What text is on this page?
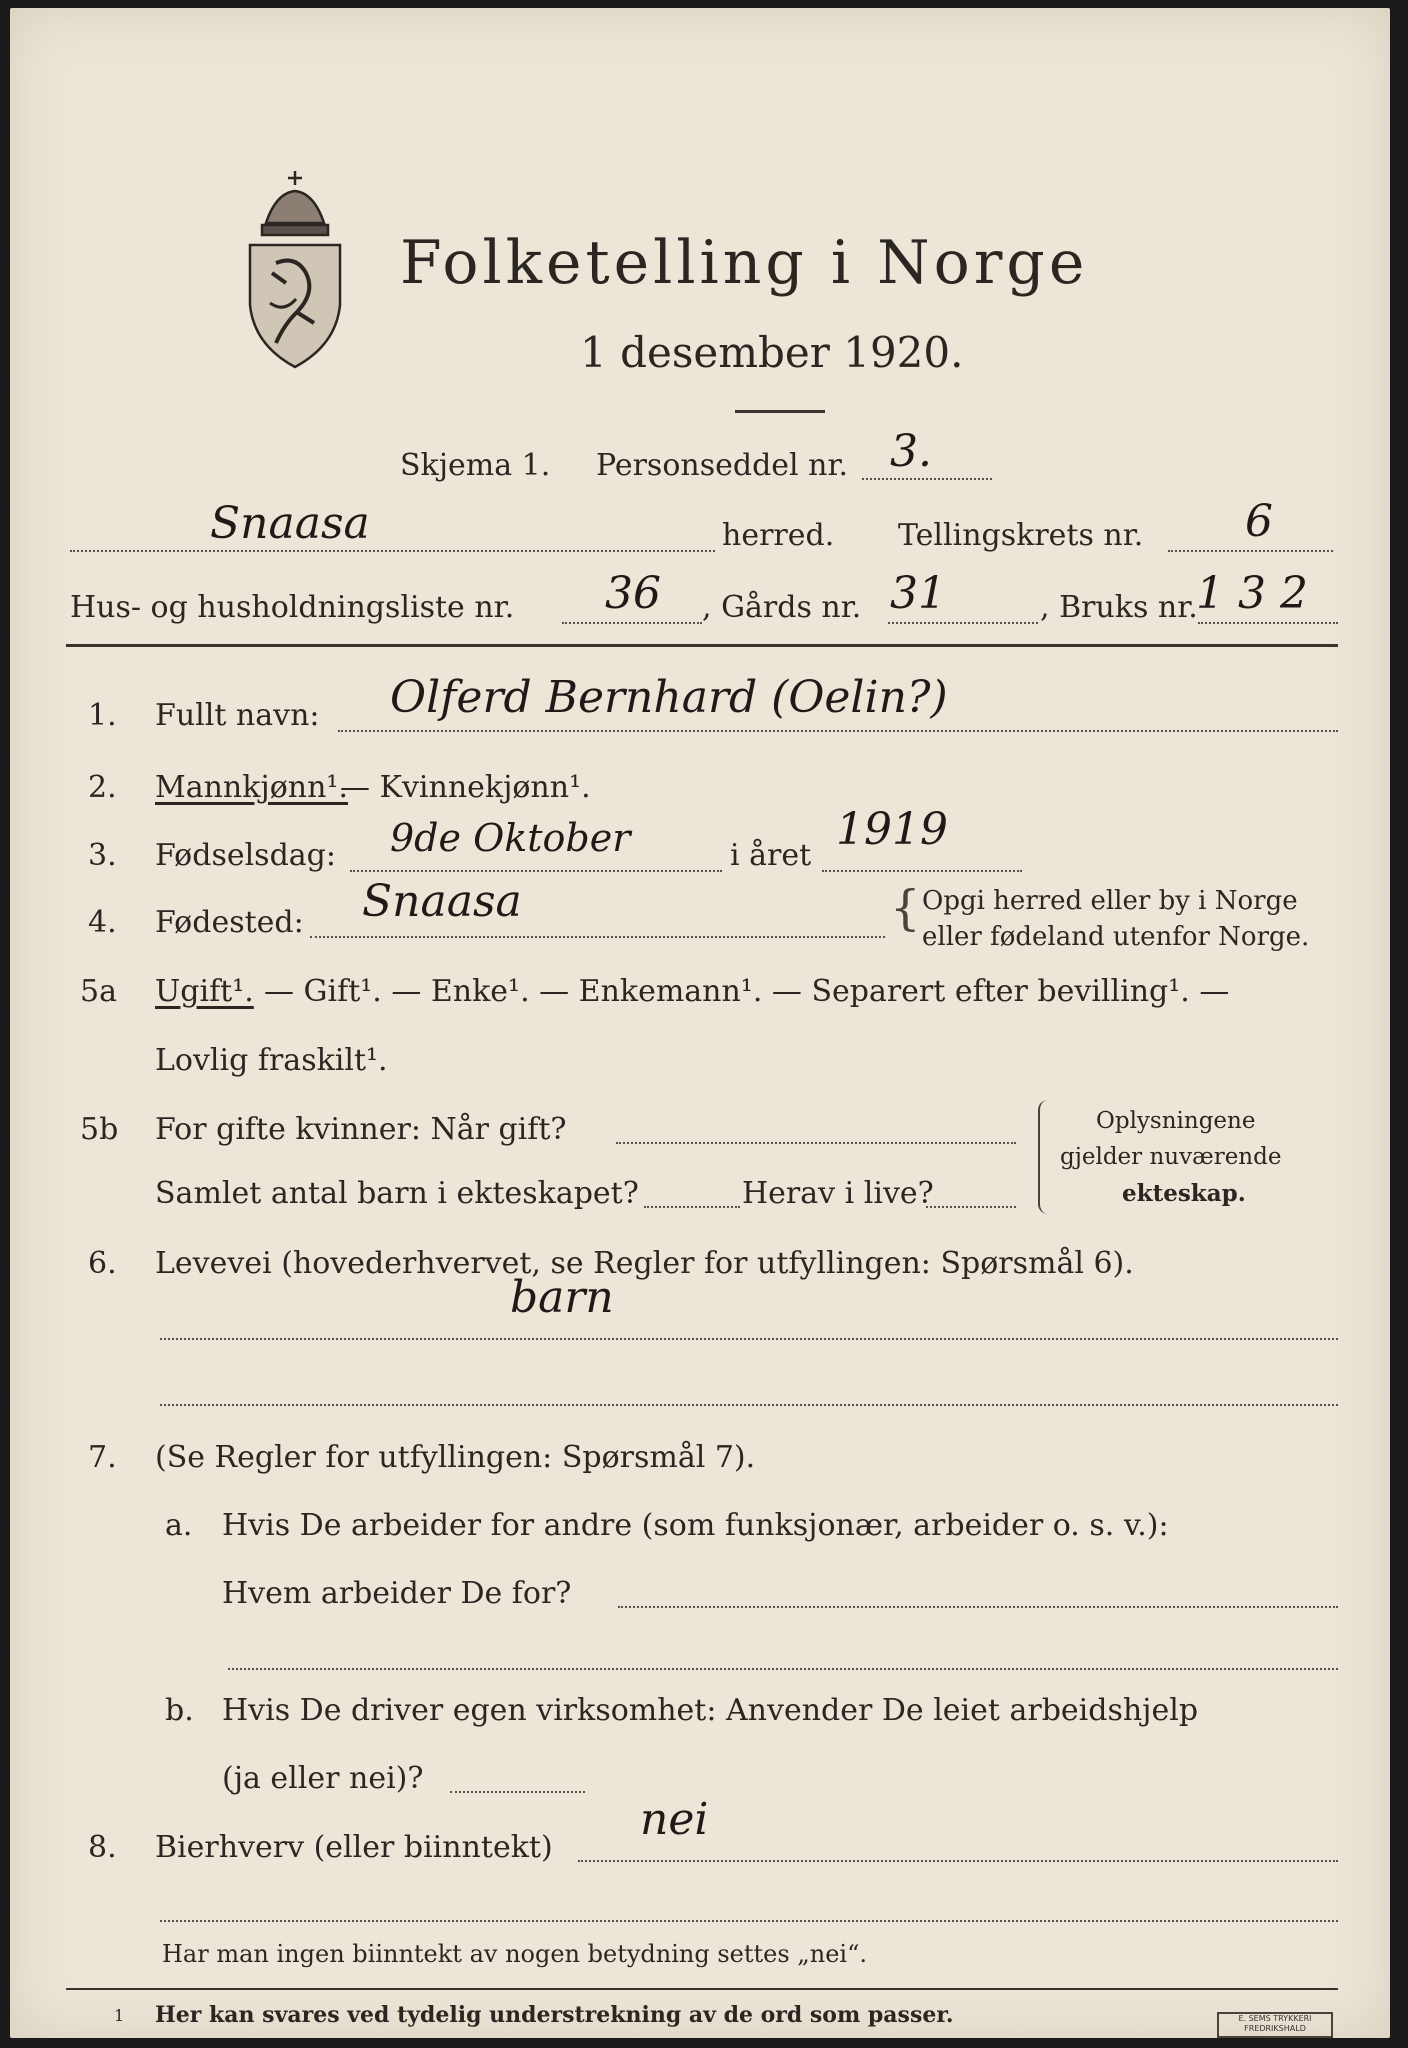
Folketelling i Norge
1 desember 1920.
Skjema 1. Personseddel nr. 3.
Snaasa	herred. Tellingskrets nr. 6
Hus- og husholdningsliste nr. 36 , Gårds nr. 31	, Bruks nr.
1 3 2
1. Fullt navn: Olferd Bernhard (Oelin?)
2. Mannkjønn¹.
— Kvinnekjønn¹.
3. Fødselsdag: 9de Oktober	i året
1919
4. Fødested: Snaasa	{ Opgi herred eller by i Norge
eller fødeland utenfor Norge.
5a Ugift¹. — Gift¹. — Enke¹. — Enkemann¹. — Separert efter bevilling¹. —
Lovlig fraskilt¹.
5b For gifte kvinner: Når gift?
Samlet antal barn i ekteskapet?	Herav i live?
Oplysningene
gjelder nuværende
ekteskap.
6. Levevei (hovederhvervet, se Regler for utfyllingen: Spørsmål 6).
barn
7. (Se Regler for utfyllingen: Spørsmål 7).
a. Hvis De arbeider for andre (som funksjonær, arbeider o. s. v.):
Hvem arbeider De for?
b. Hvis De driver egen virksomhet: Anvender De leiet arbeidshjelp
(ja eller nei)?
8. Bierhverv (eller biinntekt)
nei
Har man ingen biinntekt av nogen betydning settes „nei“.
1 Her kan svares ved tydelig understrekning av de ord som passer.	E. SEMS TRYKKERI
FREDRIKSHALD
